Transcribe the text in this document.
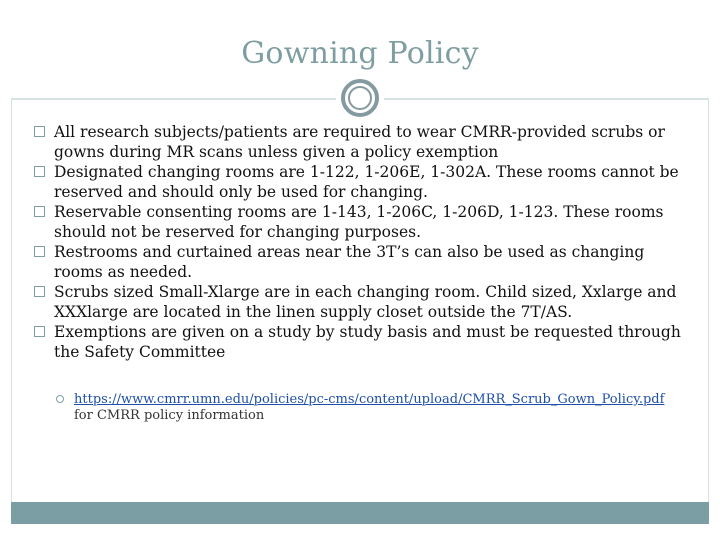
Gowning Policy
All research subjects/patients are required to wear CMRR-provided scrubs or gowns during MR scans unless given a policy exemption
Designated changing rooms are 1-122, 1-206E, 1-302A. These rooms cannot be reserved and should only be used for changing.
Reservable consenting rooms are 1-143, 1-206C, 1-206D, 1-123. These rooms should not be reserved for changing purposes.
Restrooms and curtained areas near the 3T’s can also be used as changing rooms as needed.
Scrubs sized Small-Xlarge are in each changing room. Child sized, Xxlarge and XXXlarge are located in the linen supply closet outside the 7T/AS.
Exemptions are given on a study by study basis and must be requested through the Safety Committee
https://www.cmrr.umn.edu/policies/pc-cms/content/upload/CMRR_Scrub_Gown_Policy.pdf for CMRR policy information
